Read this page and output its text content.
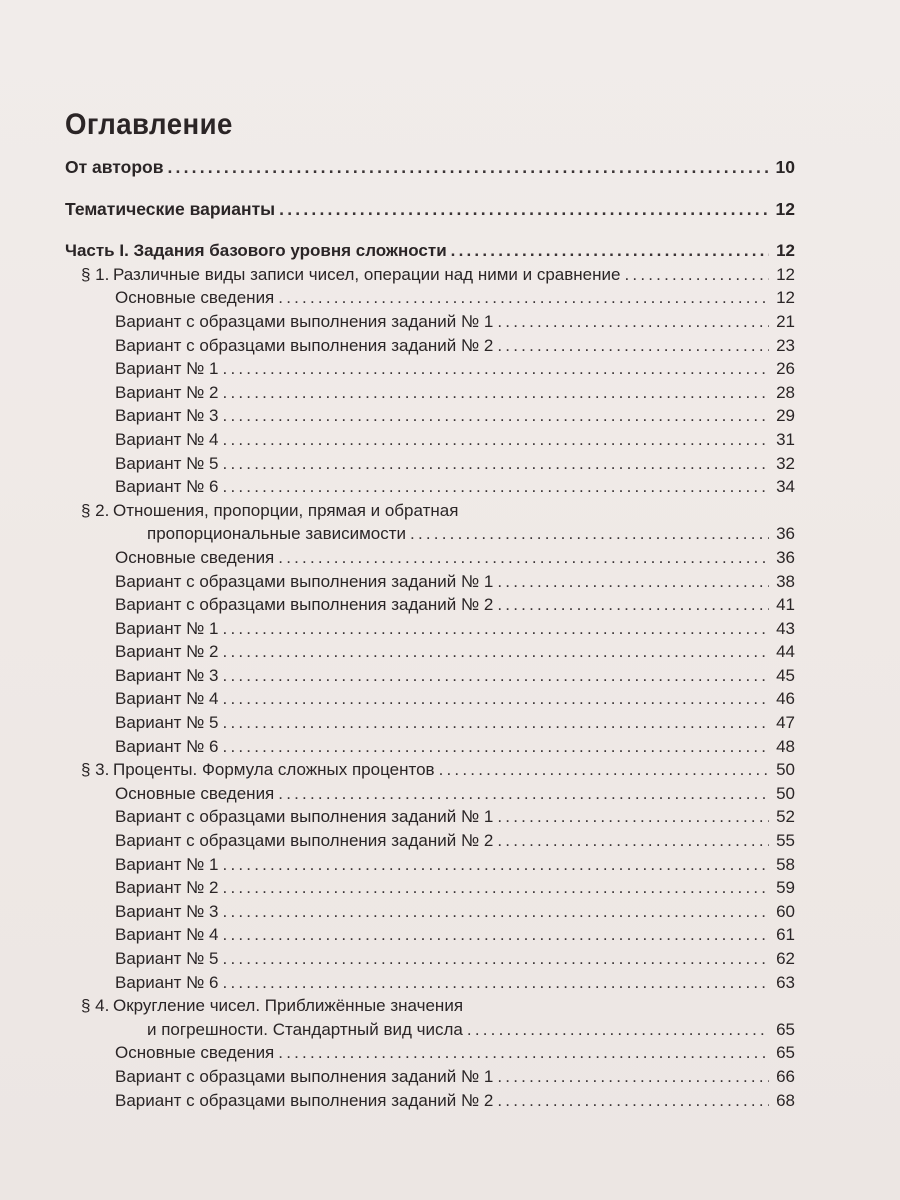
Оглавление
От авторов .....	10
Тематические варианты .....	12
Часть I. Задания базового уровня сложности .....	12
§ 1. Различные виды записи чисел, операции над ними и сравнение .....	12
Основные сведения .....	12
Вариант с образцами выполнения заданий № 1 .....	21
Вариант с образцами выполнения заданий № 2 .....	23
Вариант № 1 .....	26
Вариант № 2 .....	28
Вариант № 3 .....	29
Вариант № 4 .....	31
Вариант № 5 .....	32
Вариант № 6 .....	34
§ 2. Отношения, пропорции, прямая и обратная
пропорциональные зависимости .....	36
Основные сведения .....	36
Вариант с образцами выполнения заданий № 1 .....	38
Вариант с образцами выполнения заданий № 2 .....	41
Вариант № 1 .....	43
Вариант № 2 .....	44
Вариант № 3 .....	45
Вариант № 4 .....	46
Вариант № 5 .....	47
Вариант № 6 .....	48
§ 3. Проценты. Формула сложных процентов .....	50
Основные сведения .....	50
Вариант с образцами выполнения заданий № 1 .....	52
Вариант с образцами выполнения заданий № 2 .....	55
Вариант № 1 .....	58
Вариант № 2 .....	59
Вариант № 3 .....	60
Вариант № 4 .....	61
Вариант № 5 .....	62
Вариант № 6 .....	63
§ 4. Округление чисел. Приближённые значения
и погрешности. Стандартный вид числа .....	65
Основные сведения .....	65
Вариант с образцами выполнения заданий № 1 .....	66
Вариант с образцами выполнения заданий № 2 .....	68
